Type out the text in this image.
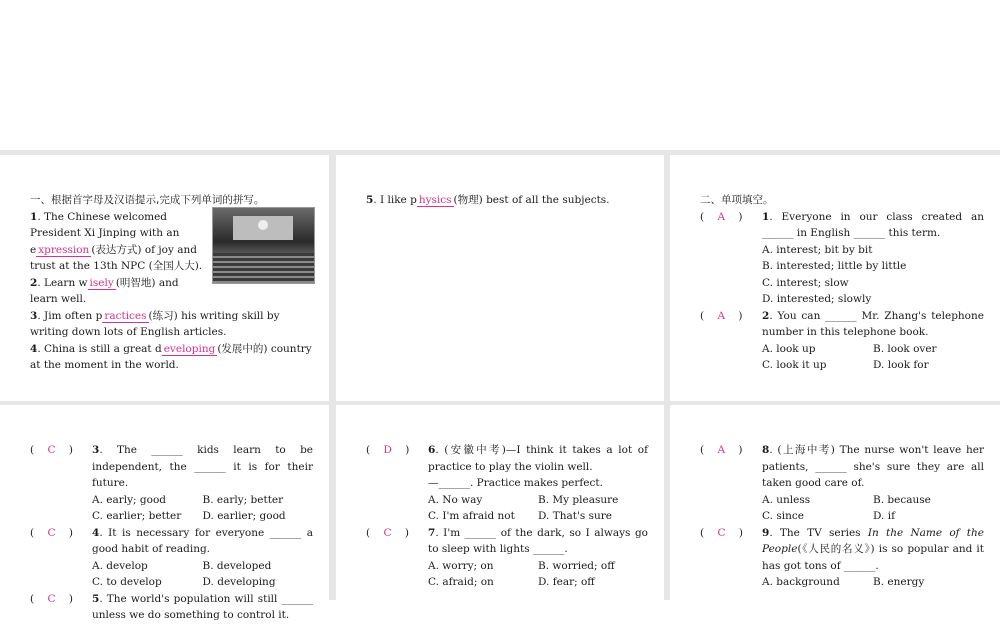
一、根据首字母及汉语提示,完成下列单词的拼写。
1. The Chinese welcomed President Xi Jinping with an e xpression (表达方式) of joy and trust at the 13th NPC (全国人大).
2. Learn w isely (明智地) and learn well.
3. Jim often p ractices (练习) his writing skill by writing down lots of English articles.
4. China is still a great d eveloping (发展中的) country at the moment in the world.
5. I like p hysics (物理) best of all the subjects.	二、单项填空。
( A )	1. Everyone in our class created an ______ in English ______ this term.
A. interest; bit by bit
B. interested; little by little
C. interest; slow
D. interested; slowly
( A )	2. You can ______ Mr. Zhang's telephone number in this telephone book.
A. look up	B. look over
C. look it up	D. look for
( C )	3. The ______ kids learn to be independent, the ______ it is for their future.
A. early; good	B. early; better
C. earlier; better	D. earlier; good
( C )	4. It is necessary for everyone ______ a good habit of reading.
A. develop	B. developed
C. to develop	D. developing
( C )	5. The world's population will still ______ unless we do something to control it.
( D )	6. (安徽中考)—I think it takes a lot of practice to play the violin well.
—______. Practice makes perfect.
A. No way	B. My pleasure
C. I'm afraid not	D. That's sure
( C )	7. I'm ______ of the dark, so I always go to sleep with lights ______.
A. worry; on	B. worried; off
C. afraid; on	D. fear; off
( A )	8. (上海中考) The nurse won't leave her patients, ______ she's sure they are all taken good care of.
A. unless	B. because
C. since	D. if
( C )	9. The TV series In the Name of the People(《人民的名义》) is so popular and it has got tons of ______.
A. background	B. energy
